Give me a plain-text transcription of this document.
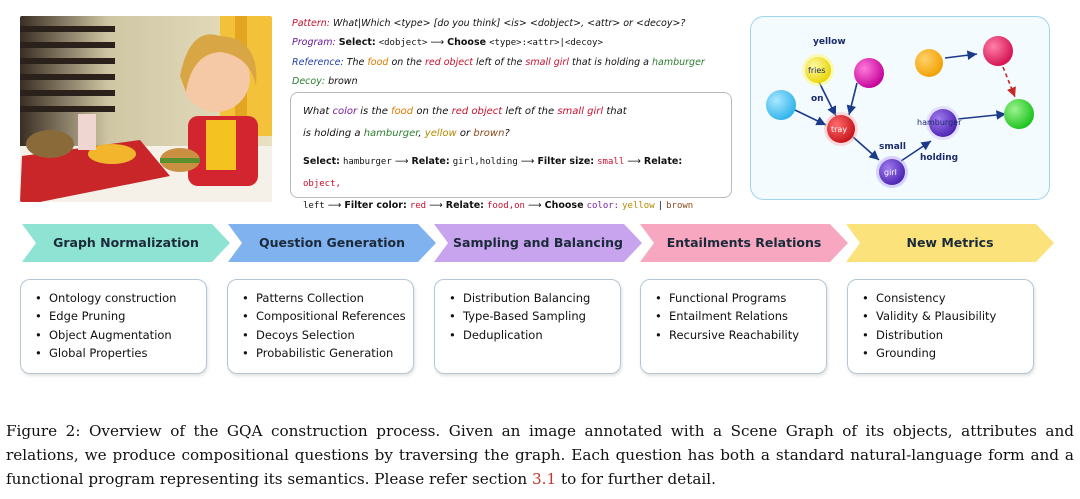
Pattern: What|Which <type> [do you think] <is> <dobject>, <attr> or <decoy>?
Program: Select: <dobject> ⟶ Choose <type>:<attr>|<decoy>
Reference: The food on the red object left of the small girl that is holding a hamburger
Decoy: brown
What color is the food on the red object left of the small girl that
is holding a hamburger, yellow or brown?
Select: hamburger ⟶ Relate: girl,holding ⟶ Filter size: small ⟶ Relate: object,
left ⟶ Filter color: red ⟶ Relate: food,on ⟶ Choose color: yellow | brown
yellow
fries
on
tray
small
girl
holding
hamburger
Graph Normalization	Question Generation	Sampling and Balancing	Entailments Relations	New Metrics
• Ontology construction
• Edge Pruning
• Object Augmentation
• Global Properties
• Patterns Collection
• Compositional References
• Decoys Selection
• Probabilistic Generation
• Distribution Balancing
• Type-Based Sampling
• Deduplication
• Functional Programs
• Entailment Relations
• Recursive Reachability
• Consistency
• Validity & Plausibility
• Distribution
• Grounding
Figure 2: Overview of the GQA construction process. Given an image annotated with a Scene Graph of its objects, attributes and relations, we produce compositional questions by traversing the graph. Each question has both a standard natural-language form and a functional program representing its semantics. Please refer section 3.1 to for further detail.
